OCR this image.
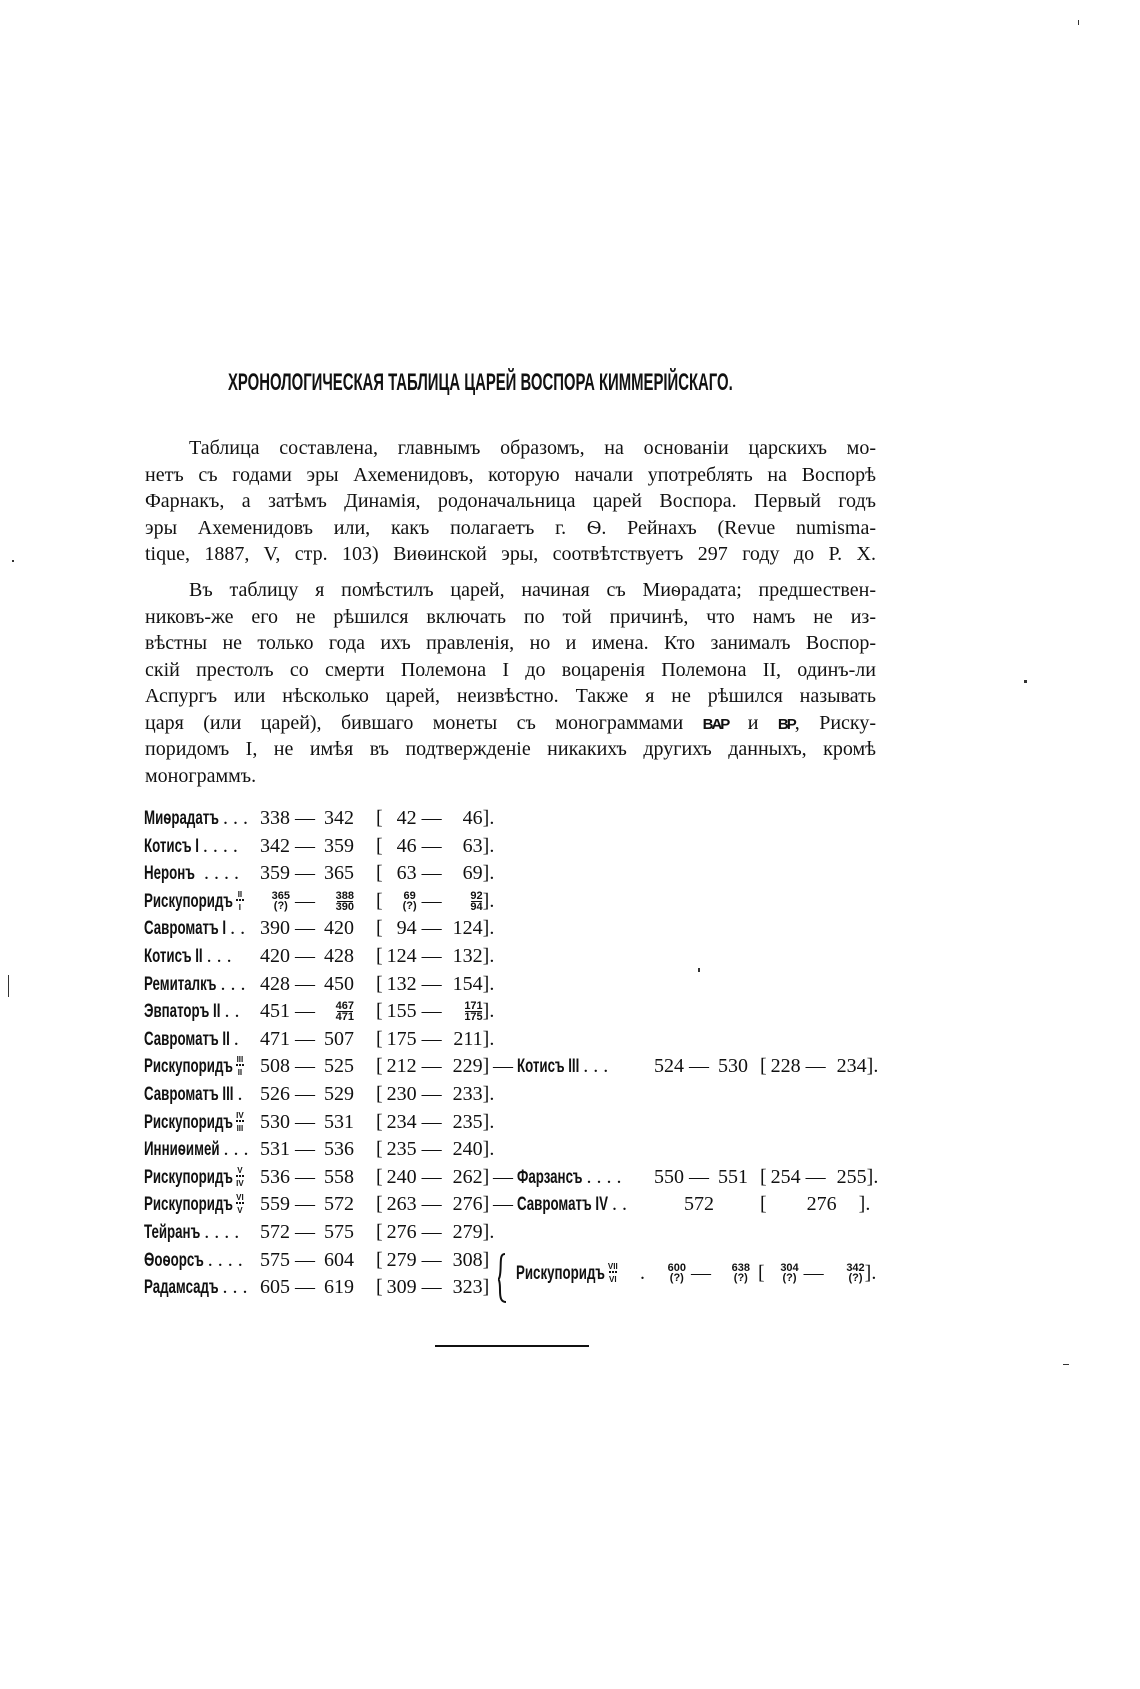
ХРОНОЛОГИЧЕСКАЯ ТАБЛИЦА ЦАРЕЙ ВОСПОРА КИММЕРІЙСКАГО.
Таблица составлена, главнымъ образомъ, на основаніи царскихъ мо-
нетъ съ годами эры Ахеменидовъ, которую начали употреблять на Воспорѣ
Фарнакъ, а затѣмъ Динамія, родоначальница царей Воспора. Первый годъ
эры Ахеменидовъ или, какъ полагаетъ г. Ѳ. Рейнахъ (Revue numisma-
tique, 1887, V, стр. 103) Виѳинской эры, соотвѣтствуетъ 297 году до Р. Х.
Въ таблицу я помѣстилъ царей, начиная съ Миѳрадата; предшествен-
никовъ-же его не рѣшился включать по той причинѣ, что намъ не из-
вѣстны не только года ихъ правленія, но и имена. Кто занималъ Воспор-
скій престолъ со смерти Полемона I до воцаренія Полемона II, одинъ-ли
Аспургъ или нѣсколько царей, неизвѣстно. Также я не рѣшился называть
царя (или царей), бившаго монеты съ монограммами ΒΑΡ и ΒΡ, Риску-
поридомъ I, не имѣя въ подтвержденіе никакихъ другихъ данныхъ, кромѣ
монограммъ.
Миѳрадатъ . . . 338 — 342 [ 42 — 46].
Котисъ I . . . . 342 — 359 [ 46 — 63].
Неронъ . . . . 359 — 365 [ 63 — 69].
Рискупоридъ $\frac{II}{I}$	365
(?) — $\frac{388}{390}$ [ 69
(?) — $\frac{92}{94}$ ].
Савроматъ I . . 390 — 420 [ 94 — 124].
Котисъ II . . . 420 — 428 [ 124 — 132].
Ремиталкъ . . . 428 — 450 [ 132 — 154].
Эвпаторъ II . . 451 — $\frac{467}{471}$ [ 155 — $\frac{171}{175}$ ].
Савроматъ II . 471 — 507 [ 175 — 211].
Рискупоридъ III
II 508 — 525 [ 212 — 229] — Котисъ III . . . 524 — 530 [ 228 — 234].
Савроматъ III . 526 — 529 [ 230 — 233].
Рискупоридъ IV
III 530 — 531 [ 234 — 235].
Инниѳимей . . . 531 — 536 [ 235 — 240].
Рискупоридъ $\frac{V}{IV} 536$ — 558 [ 240 — 262] — Фарзансъ . . . . 550 — 551 [ 254 — 255].
Рискупоридъ $\frac{VI}{V} 559$ — 572 [ 263 — 276] — Савроматъ IV . .	572 [ 276 ].
Тейранъ . . . . 572 — 575 [ 276 — 279].
Ѳоѳорсъ . . . . 575 — 604 [ 279 — 308]
Радамсадъ . . . 605 — 619 [ 309 — 323]
Рискупоридъ VII
VI . 600
(?) — 638
(?) [ 304
(?) — 342
(?) ].
